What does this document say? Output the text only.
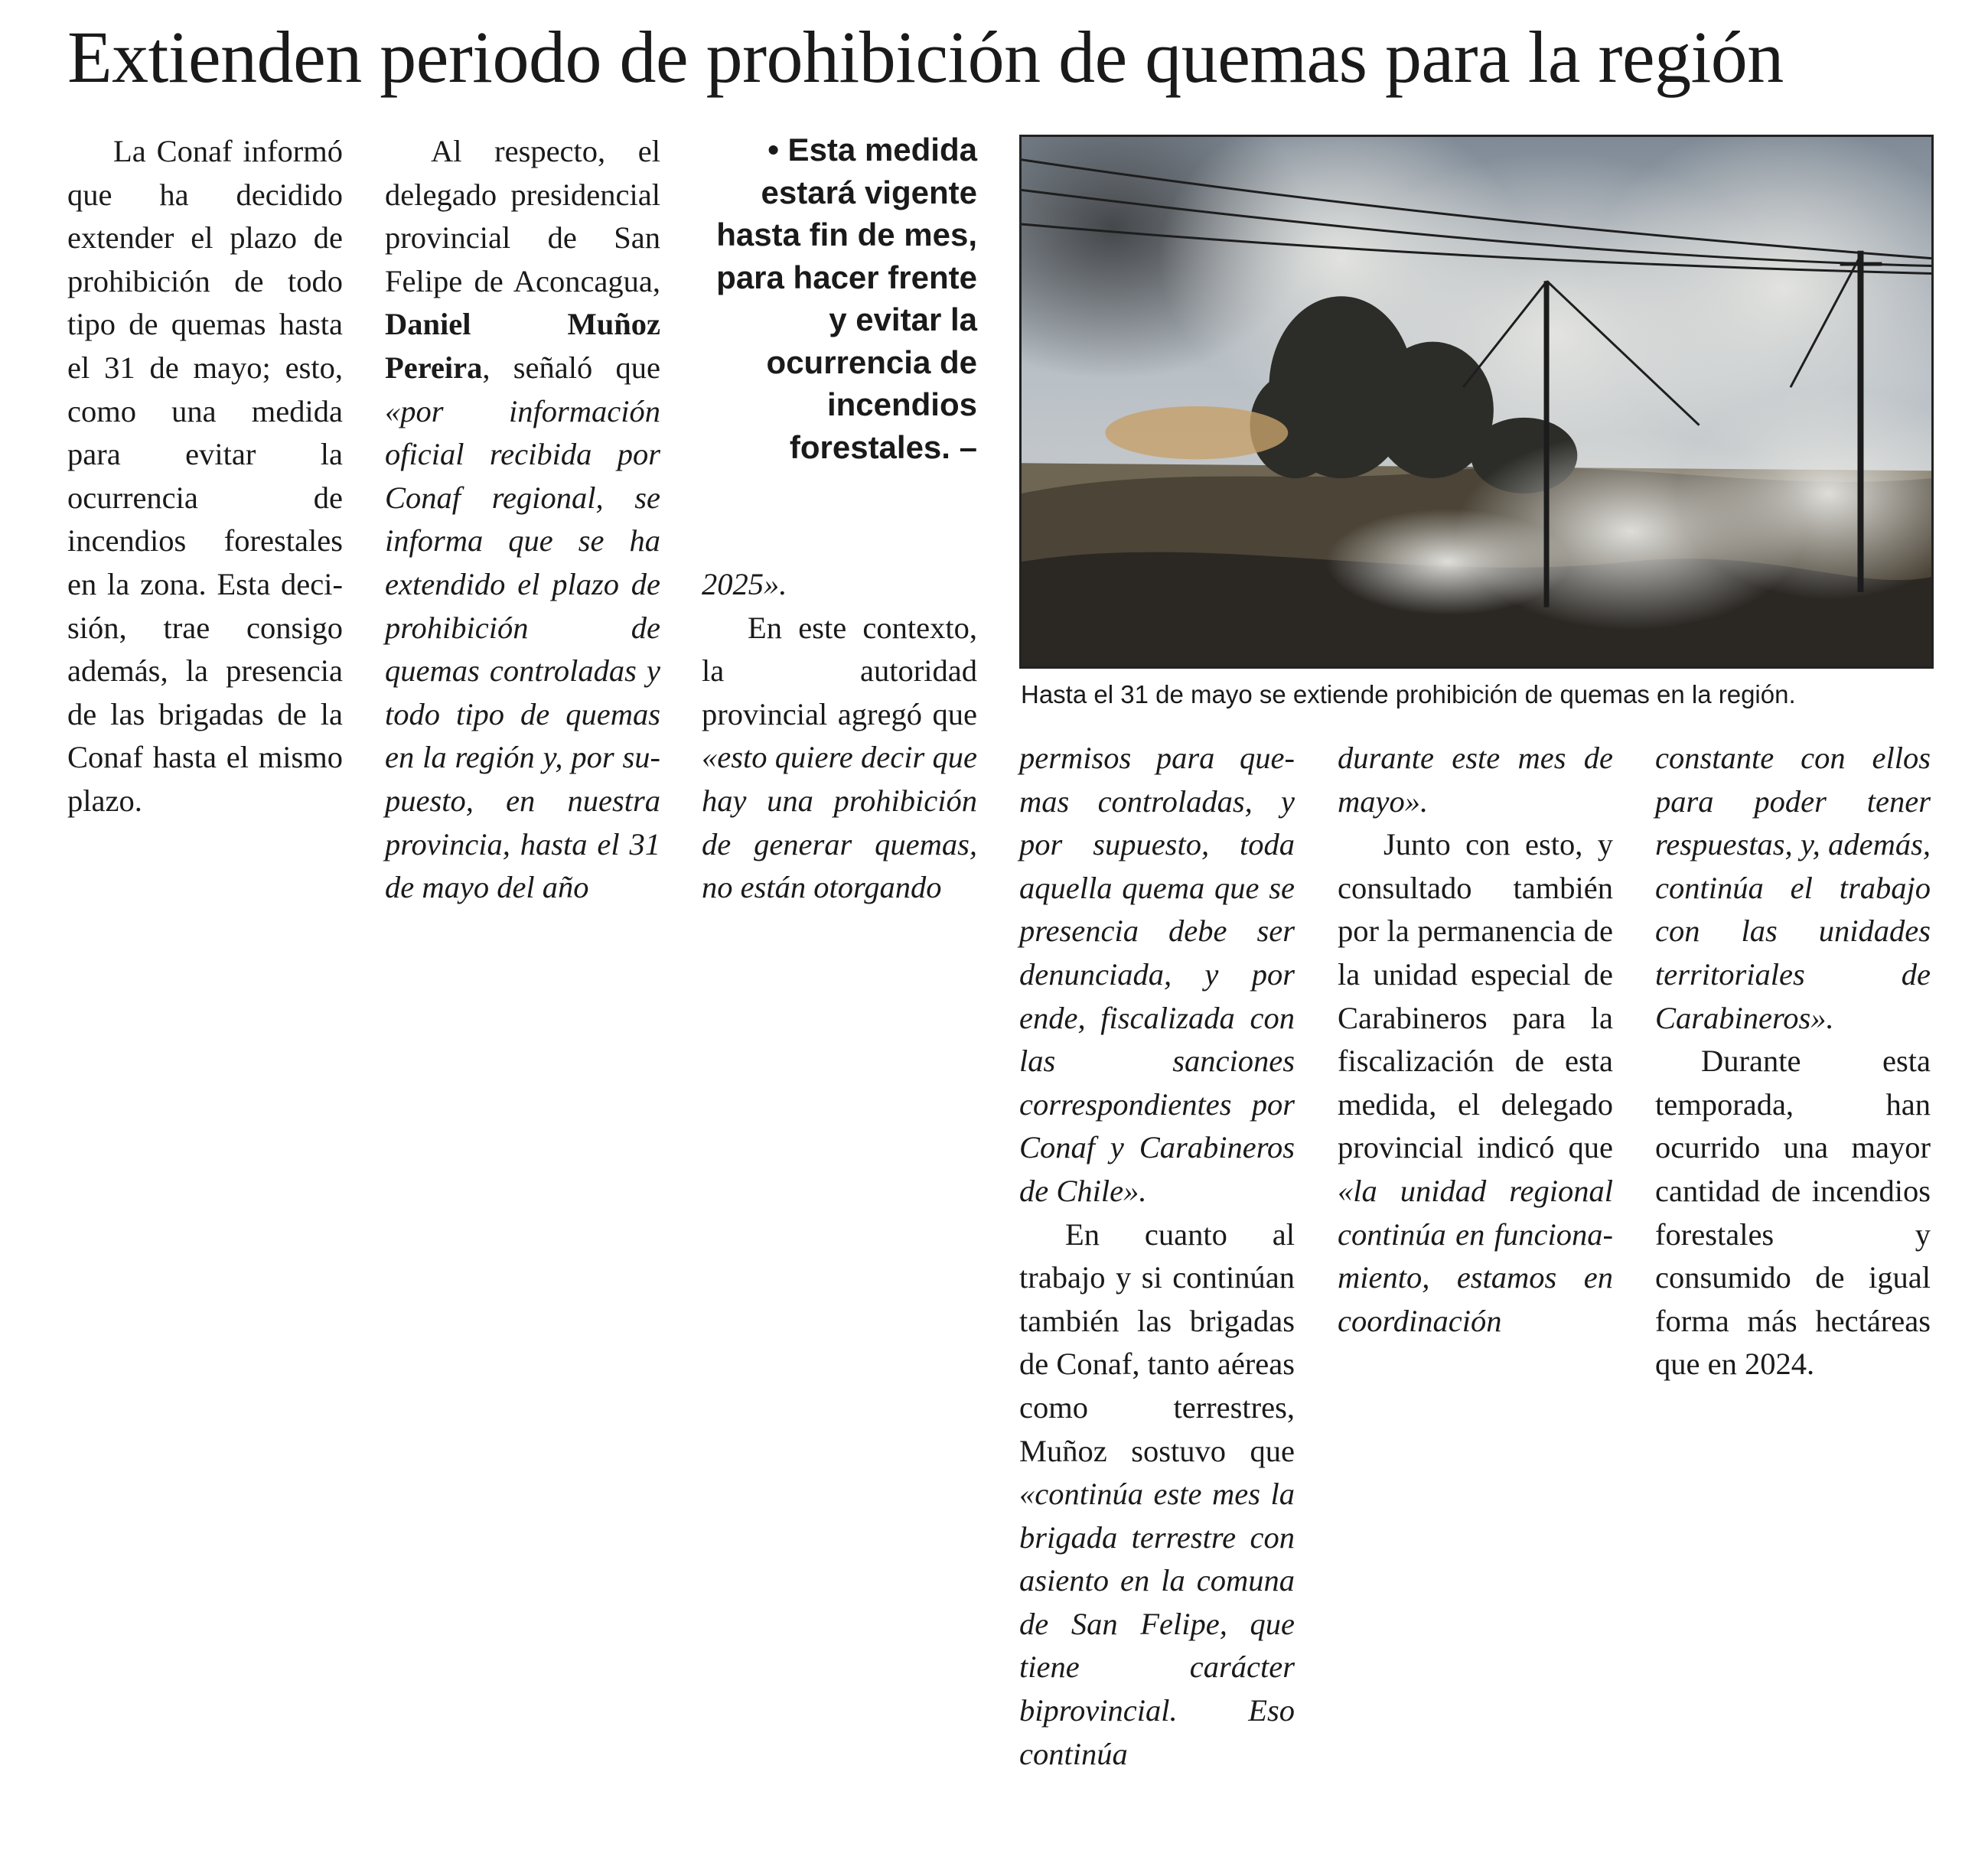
Extienden periodo de prohibición de quemas para la región

La Conaf informó que ha decidido extender el plazo de prohibición de todo tipo de quemas hasta el 31 de mayo; esto, como una medida para evitar la ocurrencia de incendios forestales en la zona. Esta decisión, trae consigo además, la presencia de las brigadas de la Conaf hasta el mismo plazo.

Al respecto, el delegado presidencial provincial de San Felipe de Aconcagua, Daniel Muñoz Pereira, señaló que «por información oficial recibida por Conaf regional, se informa que se ha extendido el plazo de prohibición de quemas controladas y todo tipo de quemas en la región y, por supuesto, en nuestra provincia, hasta el 31 de mayo del año

• Esta medida estará vigente hasta fin de mes, para hacer frente y evitar la ocurrencia de incendios forestales. –

2025».

En este contexto, la autoridad provincial agregó que «esto quiere decir que hay una prohibición de generar quemas, no están otorgando

Hasta el 31 de mayo se extiende prohibición de quemas en la región.

permisos para quemas controladas, y por supuesto, toda aquella quema que se presencia debe ser denunciada, y por ende, fiscalizada con las sanciones correspondientes por Conaf y Carabineros de Chile».

En cuanto al trabajo y si continúan también las brigadas de Conaf, tanto aéreas como terrestres, Muñoz sostuvo que «continúa este mes la brigada terrestre con asiento en la comuna de San Felipe, que tiene carácter biprovincial. Eso continúa

durante este mes de mayo».

Junto con esto, y consultado también por la permanencia de la unidad especial de Carabineros para la fiscalización de esta medida, el delegado provincial indicó que «la unidad regional continúa en funcionamiento, estamos en coordinación

constante con ellos para poder tener respuestas, y, además, continúa el trabajo con las unidades territoriales de Carabineros».

Durante esta temporada, han ocurrido una mayor cantidad de incendios forestales y consumido de igual forma más hectáreas que en 2024.
